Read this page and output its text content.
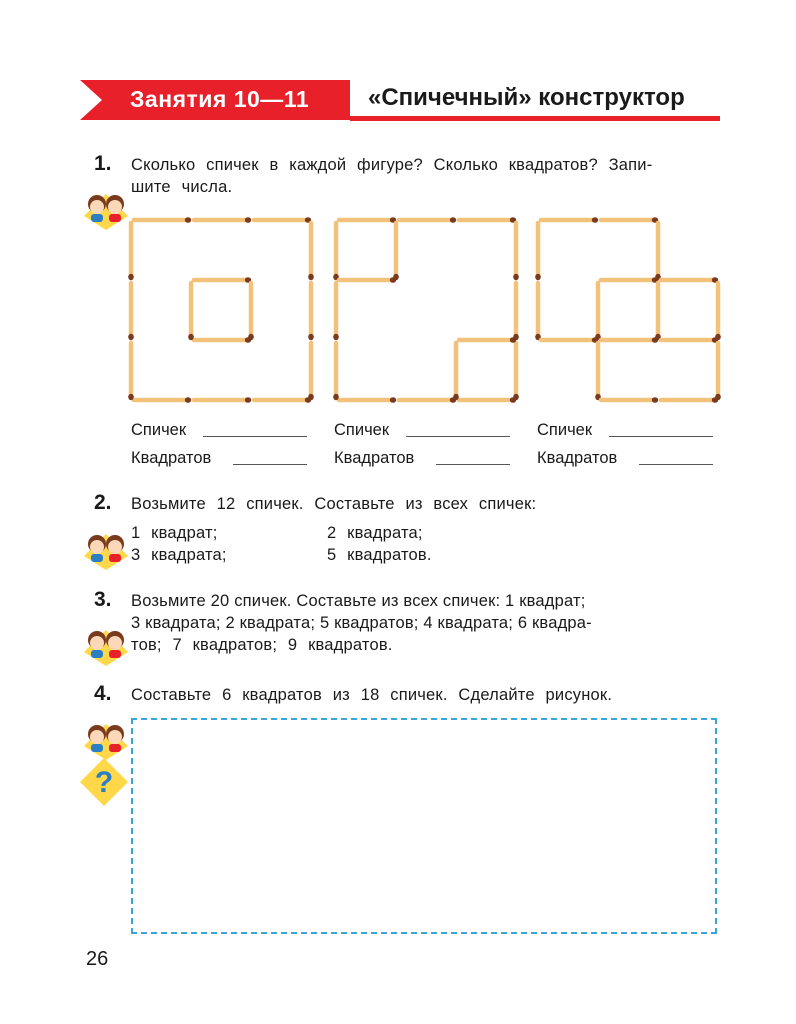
Занятия 10—11 «Спичечный» конструктор
1. Сколько спичек в каждой фигуре? Сколько квадратов? Запи-
шите числа.
Спичек
Квадратов
Спичек
Квадратов
Спичек
Квадратов
2. Возьмите 12 спичек. Составьте из всех спичек:
1 квадрат;	2 квадрата;
3 квадрата;	5 квадратов.
3. Возьмите 20 спичек. Составьте из всех спичек: 1 квадрат;
3 квадрата; 2 квадрата; 5 квадратов; 4 квадрата; 6 квадра-
тов; 7 квадратов; 9 квадратов.
4. Составьте 6 квадратов из 18 спичек. Сделайте рисунок.
?
26
